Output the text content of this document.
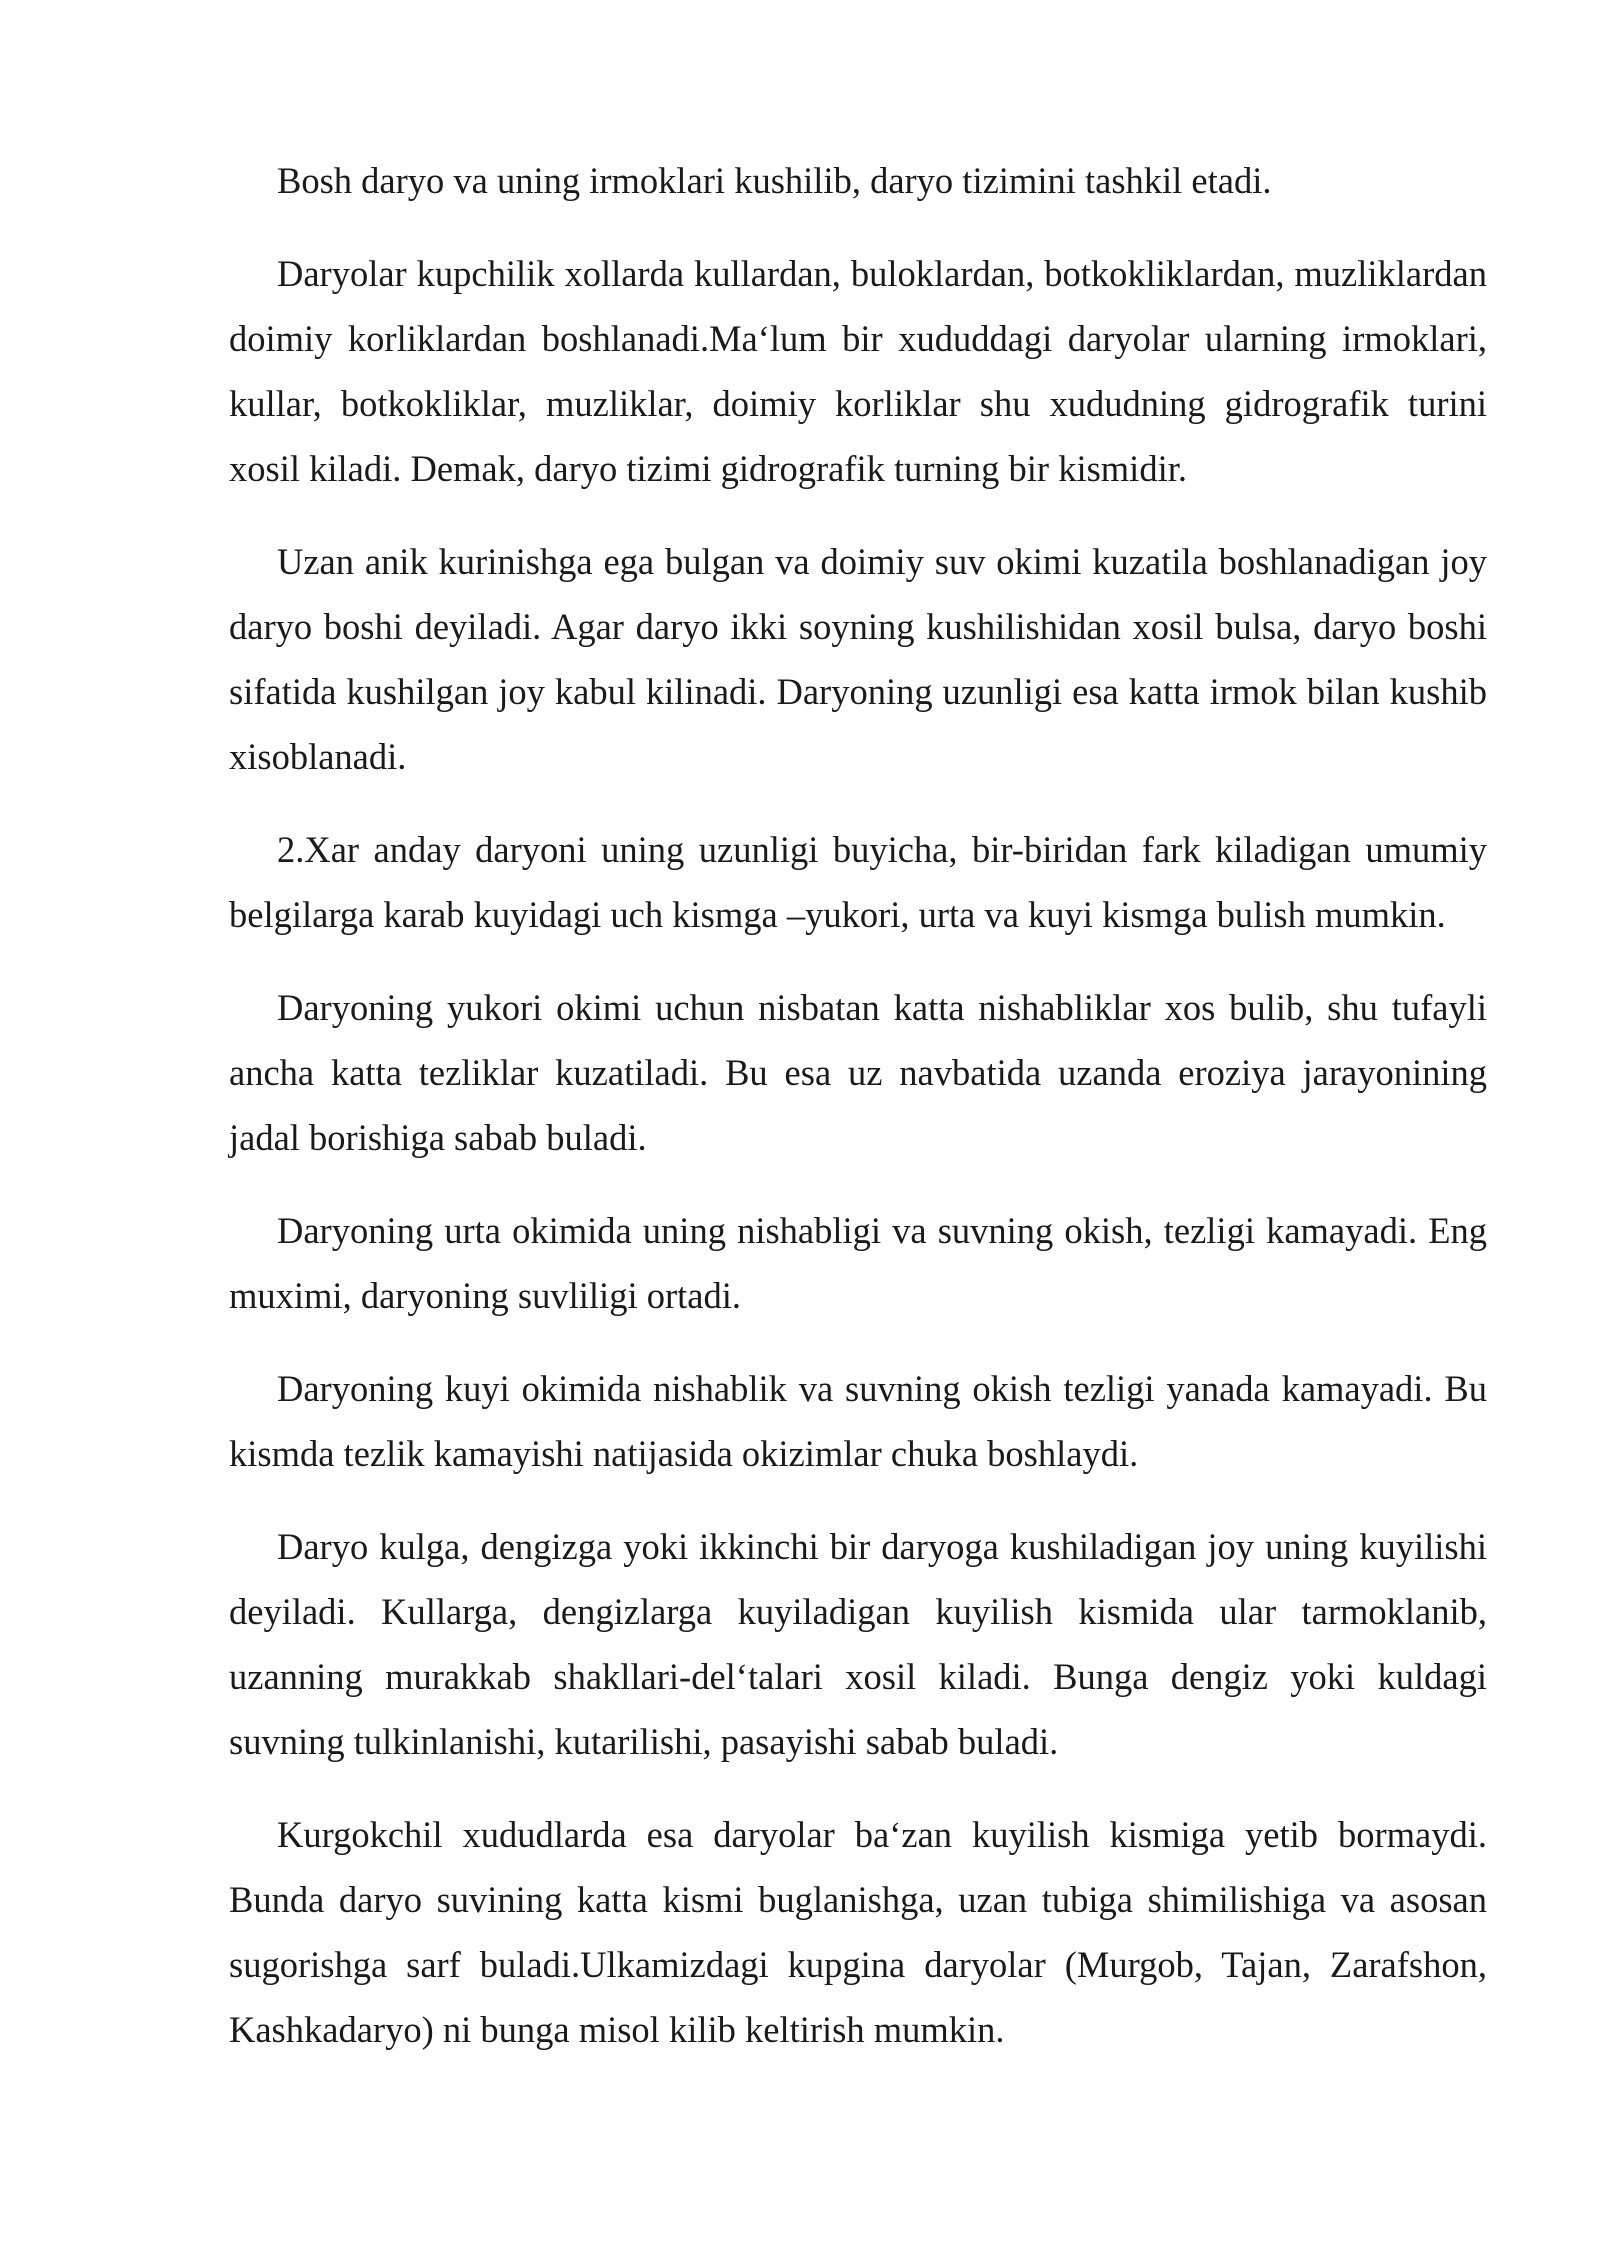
Bosh daryo va uning irmoklari kushilib, daryo tizimini tashkil etadi.

Daryolar kupchilik xollarda kullardan, buloklardan, botkokliklardan, muzliklardan doimiy korliklardan boshlanadi.Ma‘lum bir xududdagi daryolar ularning irmoklari, kullar, botkokliklar, muzliklar, doimiy korliklar shu xududning gidrografik turini xosil kiladi. Demak, daryo tizimi gidrografik turning bir kismidir.

Uzan anik kurinishga ega bulgan va doimiy suv okimi kuzatila boshlanadigan joy daryo boshi deyiladi. Agar daryo ikki soyning kushilishidan xosil bulsa, daryo boshi sifatida kushilgan joy kabul kilinadi. Daryoning uzunligi esa katta irmok bilan kushib xisoblanadi.

2.Xar anday daryoni uning uzunligi buyicha, bir-biridan fark kiladigan umumiy belgilarga karab kuyidagi uch kismga –yukori, urta va kuyi kismga bulish mumkin.

Daryoning yukori okimi uchun nisbatan katta nishabliklar xos bulib, shu tufayli ancha katta tezliklar kuzatiladi. Bu esa uz navbatida uzanda eroziya jarayonining jadal borishiga sabab buladi.

Daryoning urta okimida uning nishabligi va suvning okish, tezligi kamayadi. Eng muximi, daryoning suvliligi ortadi.

Daryoning kuyi okimida nishablik va suvning okish tezligi yanada kamayadi. Bu kismda tezlik kamayishi natijasida okizimlar chuka boshlaydi.

Daryo kulga, dengizga yoki ikkinchi bir daryoga kushiladigan joy uning kuyilishi deyiladi. Kullarga, dengizlarga kuyiladigan kuyilish kismida ular tarmoklanib, uzanning murakkab shakllari-del‘talari xosil kiladi. Bunga dengiz yoki kuldagi suvning tulkinlanishi, kutarilishi, pasayishi sabab buladi.

Kurgokchil xududlarda esa daryolar ba‘zan kuyilish kismiga yetib bormaydi. Bunda daryo suvining katta kismi buglanishga, uzan tubiga shimilishiga va asosan sugorishga sarf buladi.Ulkamizdagi kupgina daryolar (Murgob, Tajan, Zarafshon, Kashkadaryo) ni bunga misol kilib keltirish mumkin.
